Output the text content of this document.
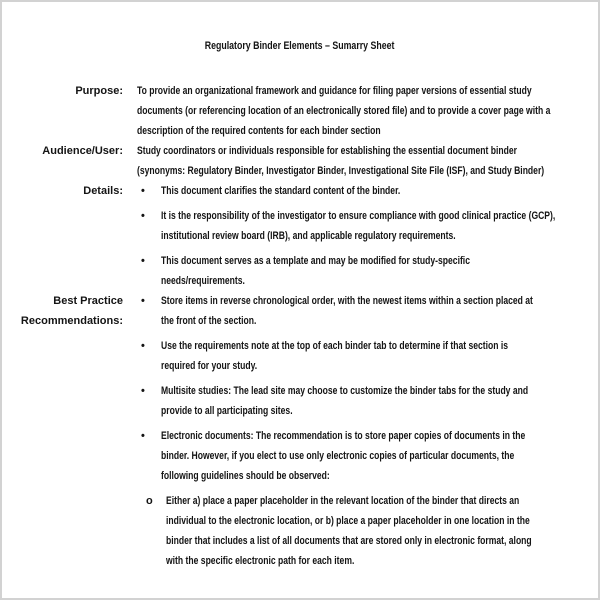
Regulatory Binder Elements – Sumarry Sheet
Purpose: To provide an organizational framework and guidance for filing paper versions of essential study
documents (or referencing location of an electronically stored file) and to provide a cover page with a
description of the required contents for each binder section
Audience/User: Study coordinators or individuals responsible for establishing the essential document binder
(synonyms: Regulatory Binder, Investigator Binder, Investigational Site File (ISF), and Study Binder)
Details: • This document clarifies the standard content of the binder.
• It is the responsibility of the investigator to ensure compliance with good clinical practice (GCP),
institutional review board (IRB), and applicable regulatory requirements.
• This document serves as a template and may be modified for study-specific
needs/requirements.
Best Practice
Recommendations:
• Store items in reverse chronological order, with the newest items within a section placed at
the front of the section.
• Use the requirements note at the top of each binder tab to determine if that section is
required for your study.
• Multisite studies: The lead site may choose to customize the binder tabs for the study and
provide to all participating sites.
• Electronic documents: The recommendation is to store paper copies of documents in the
binder. However, if you elect to use only electronic copies of particular documents, the
following guidelines should be observed:
o Either a) place a paper placeholder in the relevant location of the binder that directs an
individual to the electronic location, or b) place a paper placeholder in one location in the
binder that includes a list of all documents that are stored only in electronic format, along
with the specific electronic path for each item.
